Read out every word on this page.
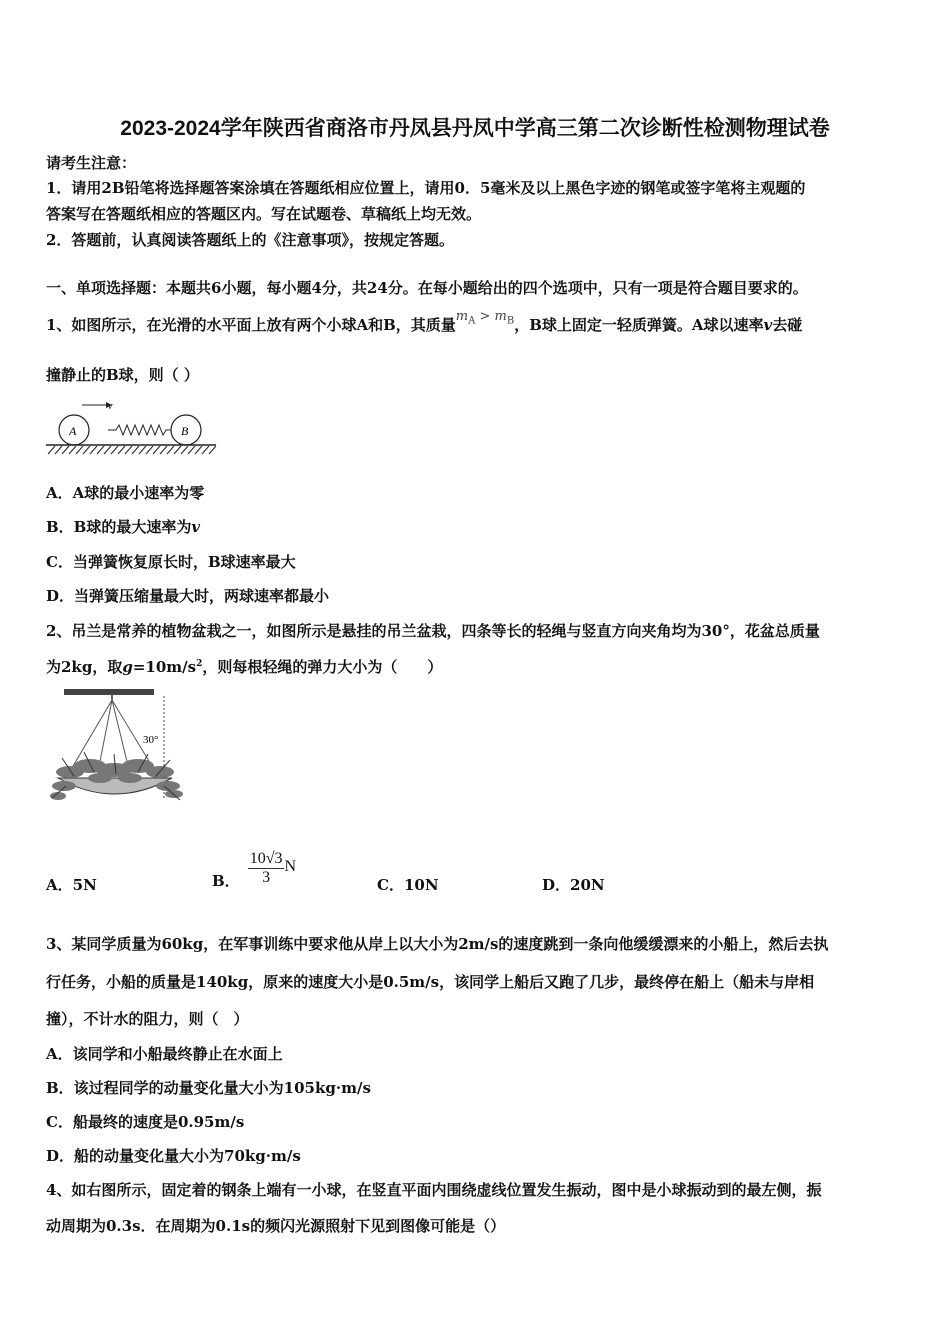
2023-2024学年陕西省商洛市丹凤县丹凤中学高三第二次诊断性检测物理试卷
请考生注意：
1．请用2B铅笔将选择题答案涂填在答题纸相应位置上，请用0．5毫米及以上黑色字迹的钢笔或签字笔将主观题的
答案写在答题纸相应的答题区内。写在试题卷、草稿纸上均无效。
2．答题前，认真阅读答题纸上的《注意事项》，按规定答题。
一、单项选择题：本题共6小题，每小题4分，共24分。在每小题给出的四个选项中，只有一项是符合题目要求的。
1、如图所示，在光滑的水平面上放有两个小球A和B，其质量$m_A > m_B$，B球上固定一轻质弹簧。A球以速率v去碰
撞静止的B球，则（ ）
v
A	B
A．A球的最小速率为零
B．B球的最大速率为v
C．当弹簧恢复原长时，B球速率最大
D．当弹簧压缩量最大时，两球速率都最小
2、吊兰是常养的植物盆栽之一，如图所示是悬挂的吊兰盆栽，四条等长的轻绳与竖直方向夹角均为30°，花盆总质量
为2kg，取$g=10m/s^2$，则每根轻绳的弹力大小为（　　）
30°
A．5N	B． $\frac{10√3}{3}$ N
C．10N	D．20N
3、某同学质量为60kg，在军事训练中要求他从岸上以大小为2m/s的速度跳到一条向他缓缓漂来的小船上，然后去执
行任务，小船的质量是140kg，原来的速度大小是0.5m/s，该同学上船后又跑了几步，最终停在船上（船未与岸相
撞），不计水的阻力，则（　）
A．该同学和小船最终静止在水面上
B．该过程同学的动量变化量大小为105kg·m/s
C．船最终的速度是0.95m/s
D．船的动量变化量大小为70kg·m/s
4、如右图所示，固定着的钢条上端有一小球，在竖直平面内围绕虚线位置发生振动，图中是小球振动到的最左侧，振
动周期为0.3s．在周期为0.1s的频闪光源照射下见到图像可能是（）
